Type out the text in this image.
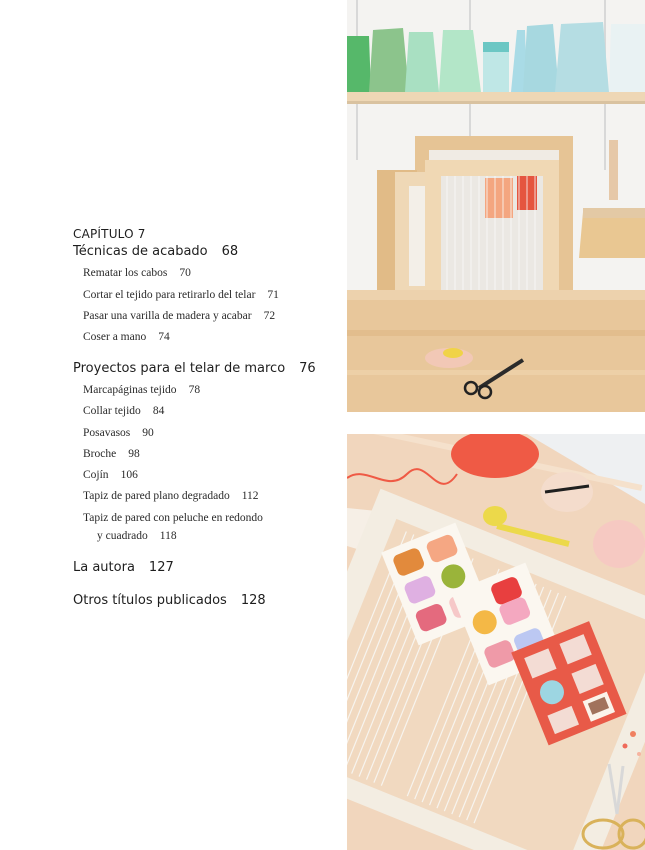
CAPÍTULO 7
Técnicas de acabado 68
Rematar los cabos 70
Cortar el tejido para retirarlo del telar 71
Pasar una varilla de madera y acabar 72
Coser a mano 74
Proyectos para el telar de marco 76
Marcapáginas tejido 78
Collar tejido 84
Posavasos 90
Broche 98
Cojín 106
Tapiz de pared plano degradado 112
Tapiz de pared con peluche en redondo
y cuadrado 118
La autora 127
Otros títulos publicados 128
